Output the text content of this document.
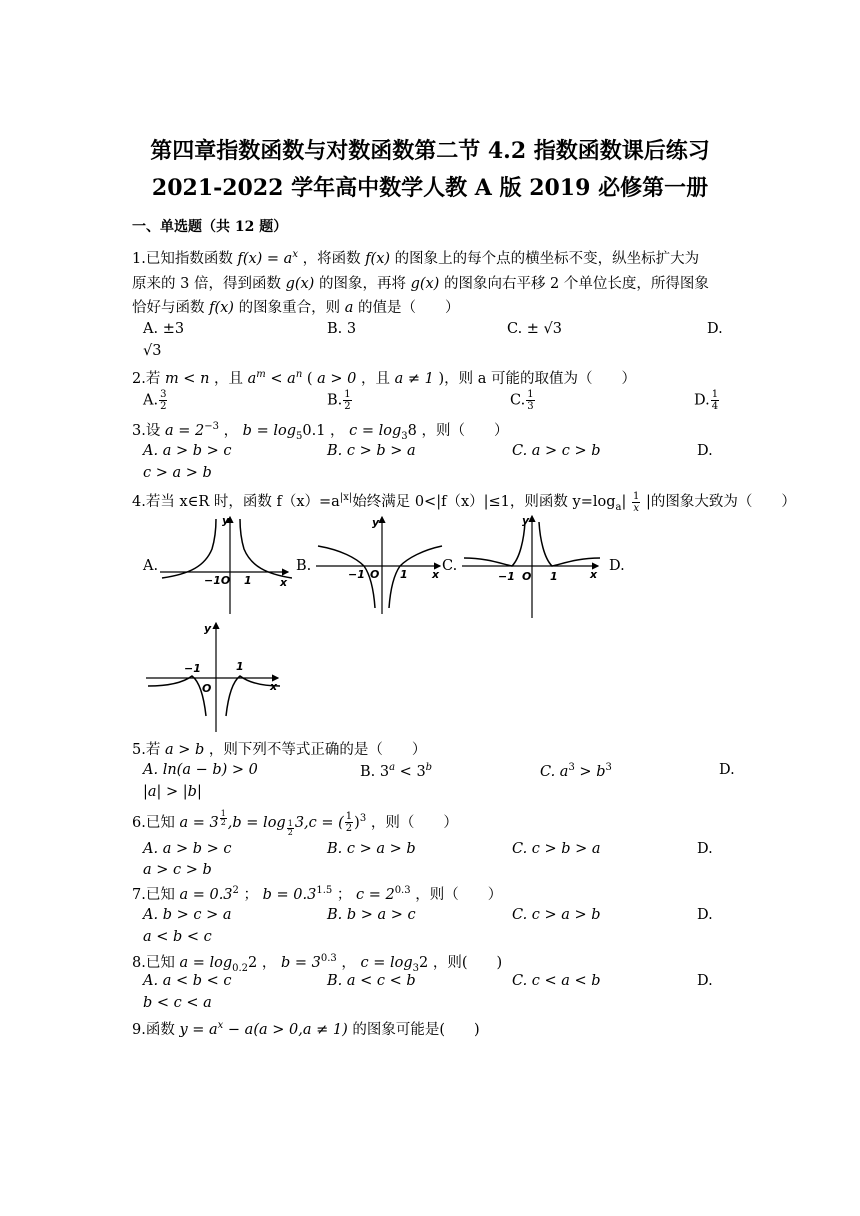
第四章指数函数与对数函数第二节 4.2 指数函数课后练习
2021-2022 学年高中数学人教 A 版 2019 必修第一册
一、单选题（共 12 题）
1.已知指数函数 $f(x) = a^x$ ，将函数 f(x) 的图象上的每个点的横坐标不变，纵坐标扩大为
原来的 3 倍，得到函数 g(x) 的图象，再将 g(x) 的图象向右平移 2 个单位长度，所得图象
恰好与函数 f(x) 的图象重合，则 a 的值是（　　）
A. ±3	B. 3	C. ± √3	D.
√3
2.若 m < n ，且 $a^m < a^n$ ( a > 0 ，且 a ≠ 1 )，则 a 可能的取值为（　　）
A. $\frac{3}{2}$	B. $\frac{1}{2}$	C. $\frac{1}{3}$	D. $\frac{1}{4}$
3.设 $a = 2^{-3}$ ， $b = \log_50.1$ ， $c = \log_38$ ，则（　　）
A. a > b > c	B. c > b > a	C. a > c > b	D.
c > a > b
4.若当 x∈R 时，函数 $f(x)=a^{|x|}$始终满足 0<|f（x）|≤1，则函数 $y=\log_a| \frac{1}{x}$ |的图象大致为（　　）
A.	B.	C.	D.
y
x
−1O 1
y
x
−1 O 1
y
x
−1 O 1
y
x
−1	1
O
5.若 a > b ，则下列不等式正确的是（　　）
A. ln(a − b) > 0	B. $3^a < 3^b$	C. $a^3 > b^3$	D.
|a| > |b|
6.已知 a = 3 $^{\frac{1}{2}}$ ,b = log $_{\frac{1}{2}}$ 3,c = ( $\frac{1}{2} )^3$ ，则（　　）
A. a > b > c	B. c > a > b	C. c > b > a	D.
a > c > b
7.已知 $a = 0.3^2$ ； $b = 0.3^{1.5}$ ； $c = 2^{0.3}$ ，则（　　）
A. b > c > a	B. b > a > c	C. c > a > b	D.
a < b < c
8.已知 $a = \log_{0.2}2$ ， $b = 3^{0.3}$ ， $c = \log_32$ ，则(　　)
A. a < b < c	B. a < c < b	C. c < a < b	D.
b < c < a
9.函数 $y = a^x - a(a > 0,a \ne 1)$ 的图象可能是(　　)
